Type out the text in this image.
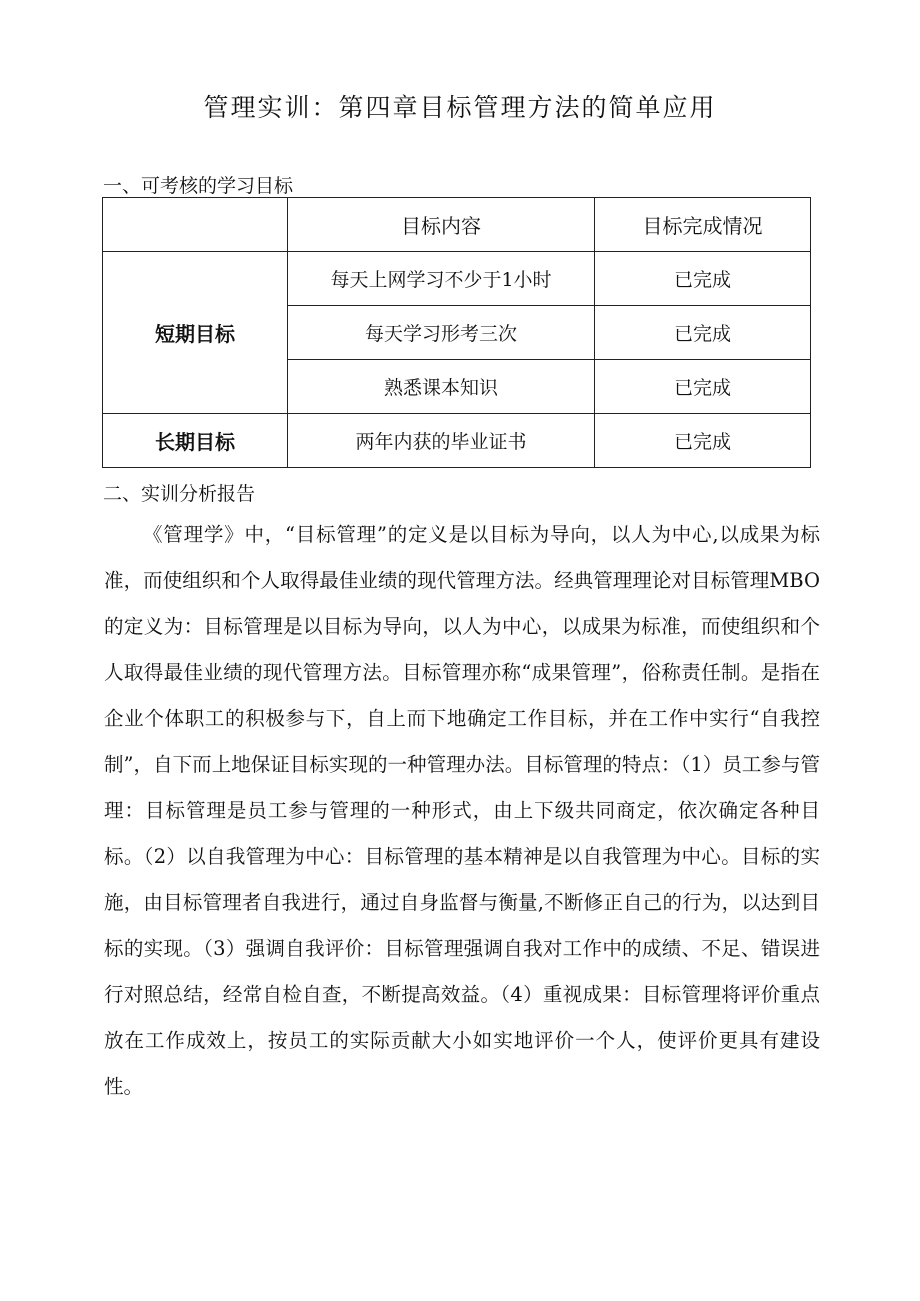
管理实训：第四章目标管理方法的简单应用
一、可考核的学习目标
	目标内容	目标完成情况
短期目标	每天上网学习不少于1小时	已完成
	每天学习形考三次	已完成
	熟悉课本知识	已完成
长期目标	两年内获的毕业证书	已完成
二、实训分析报告

《管理学》中，“目标管理”的定义是以目标为导向，以人为中心,以成果为标准，而使组织和个人取得最佳业绩的现代管理方法。经典管理理论对目标管理MBO的定义为：目标管理是以目标为导向，以人为中心，以成果为标准，而使组织和个人取得最佳业绩的现代管理方法。目标管理亦称“成果管理”，俗称责任制。是指在企业个体职工的积极参与下，自上而下地确定工作目标，并在工作中实行“自我控制”，自下而上地保证目标实现的一种管理办法。目标管理的特点：（1）员工参与管理：目标管理是员工参与管理的一种形式，由上下级共同商定，依次确定各种目标。（2）以自我管理为中心：目标管理的基本精神是以自我管理为中心。目标的实施，由目标管理者自我进行，通过自身监督与衡量,不断修正自己的行为，以达到目标的实现。（3）强调自我评价：目标管理强调自我对工作中的成绩、不足、错误进行对照总结，经常自检自查，不断提高效益。（4）重视成果：目标管理将评价重点放在工作成效上，按员工的实际贡献大小如实地评价一个人，使评价更具有建设性。
